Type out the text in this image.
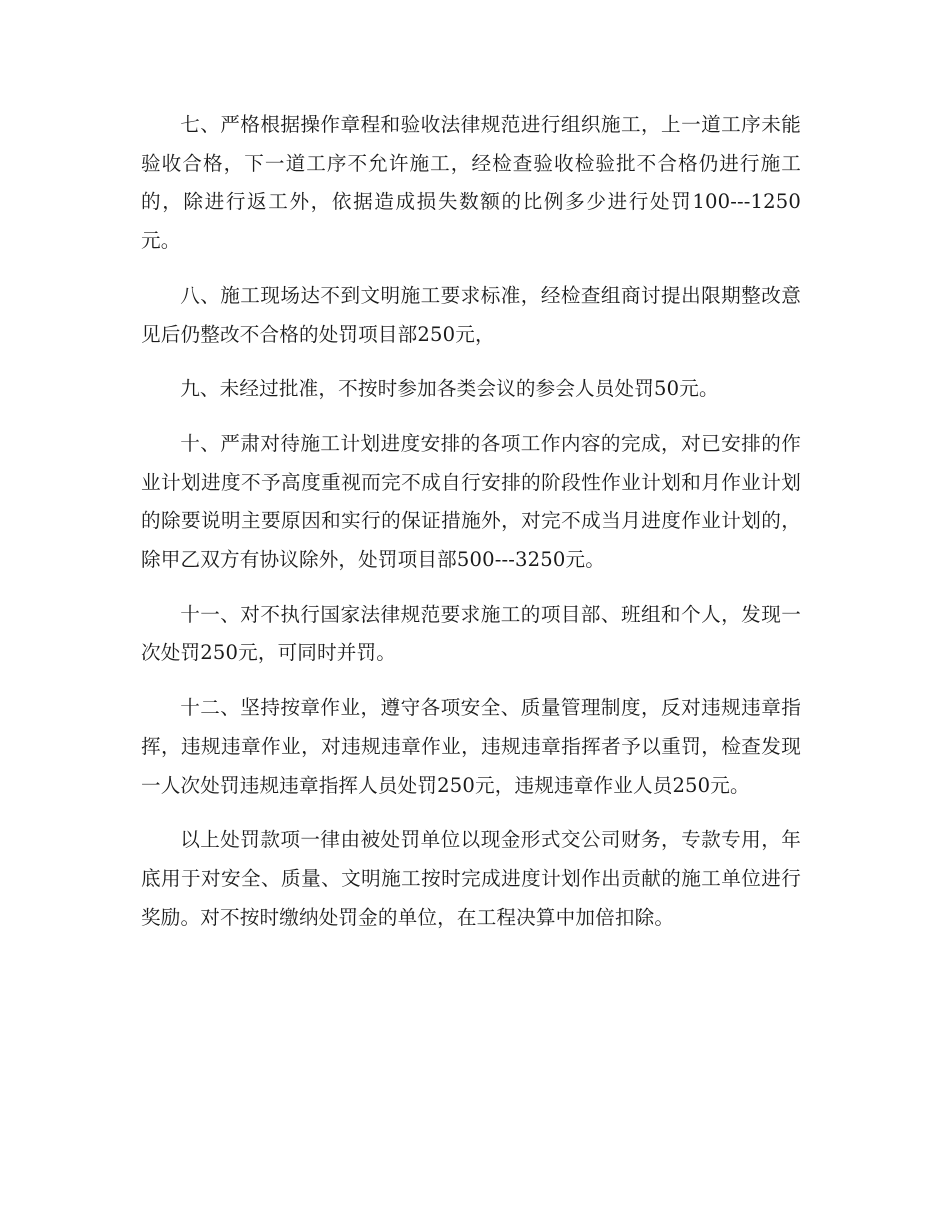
七、严格根据操作章程和验收法律规范进行组织施工，上一道工序未能验收合格，下一道工序不允许施工，经检查验收检验批不合格仍进行施工的，除进行返工外，依据造成损失数额的比例多少进行处罚100---1250元。

八、施工现场达不到文明施工要求标准，经检查组商讨提出限期整改意见后仍整改不合格的处罚项目部250元，

九、未经过批准，不按时参加各类会议的参会人员处罚50元。

十、严肃对待施工计划进度安排的各项工作内容的完成，对已安排的作业计划进度不予高度重视而完不成自行安排的阶段性作业计划和月作业计划的除要说明主要原因和实行的保证措施外，对完不成当月进度作业计划的，除甲乙双方有协议除外，处罚项目部500---3250元。

十一、对不执行国家法律规范要求施工的项目部、班组和个人，发现一次处罚250元，可同时并罚。

十二、坚持按章作业，遵守各项安全、质量管理制度，反对违规违章指挥，违规违章作业，对违规违章作业，违规违章指挥者予以重罚，检查发现一人次处罚违规违章指挥人员处罚250元，违规违章作业人员250元。

以上处罚款项一律由被处罚单位以现金形式交公司财务，专款专用，年底用于对安全、质量、文明施工按时完成进度计划作出贡献的施工单位进行奖励。对不按时缴纳处罚金的单位，在工程决算中加倍扣除。
